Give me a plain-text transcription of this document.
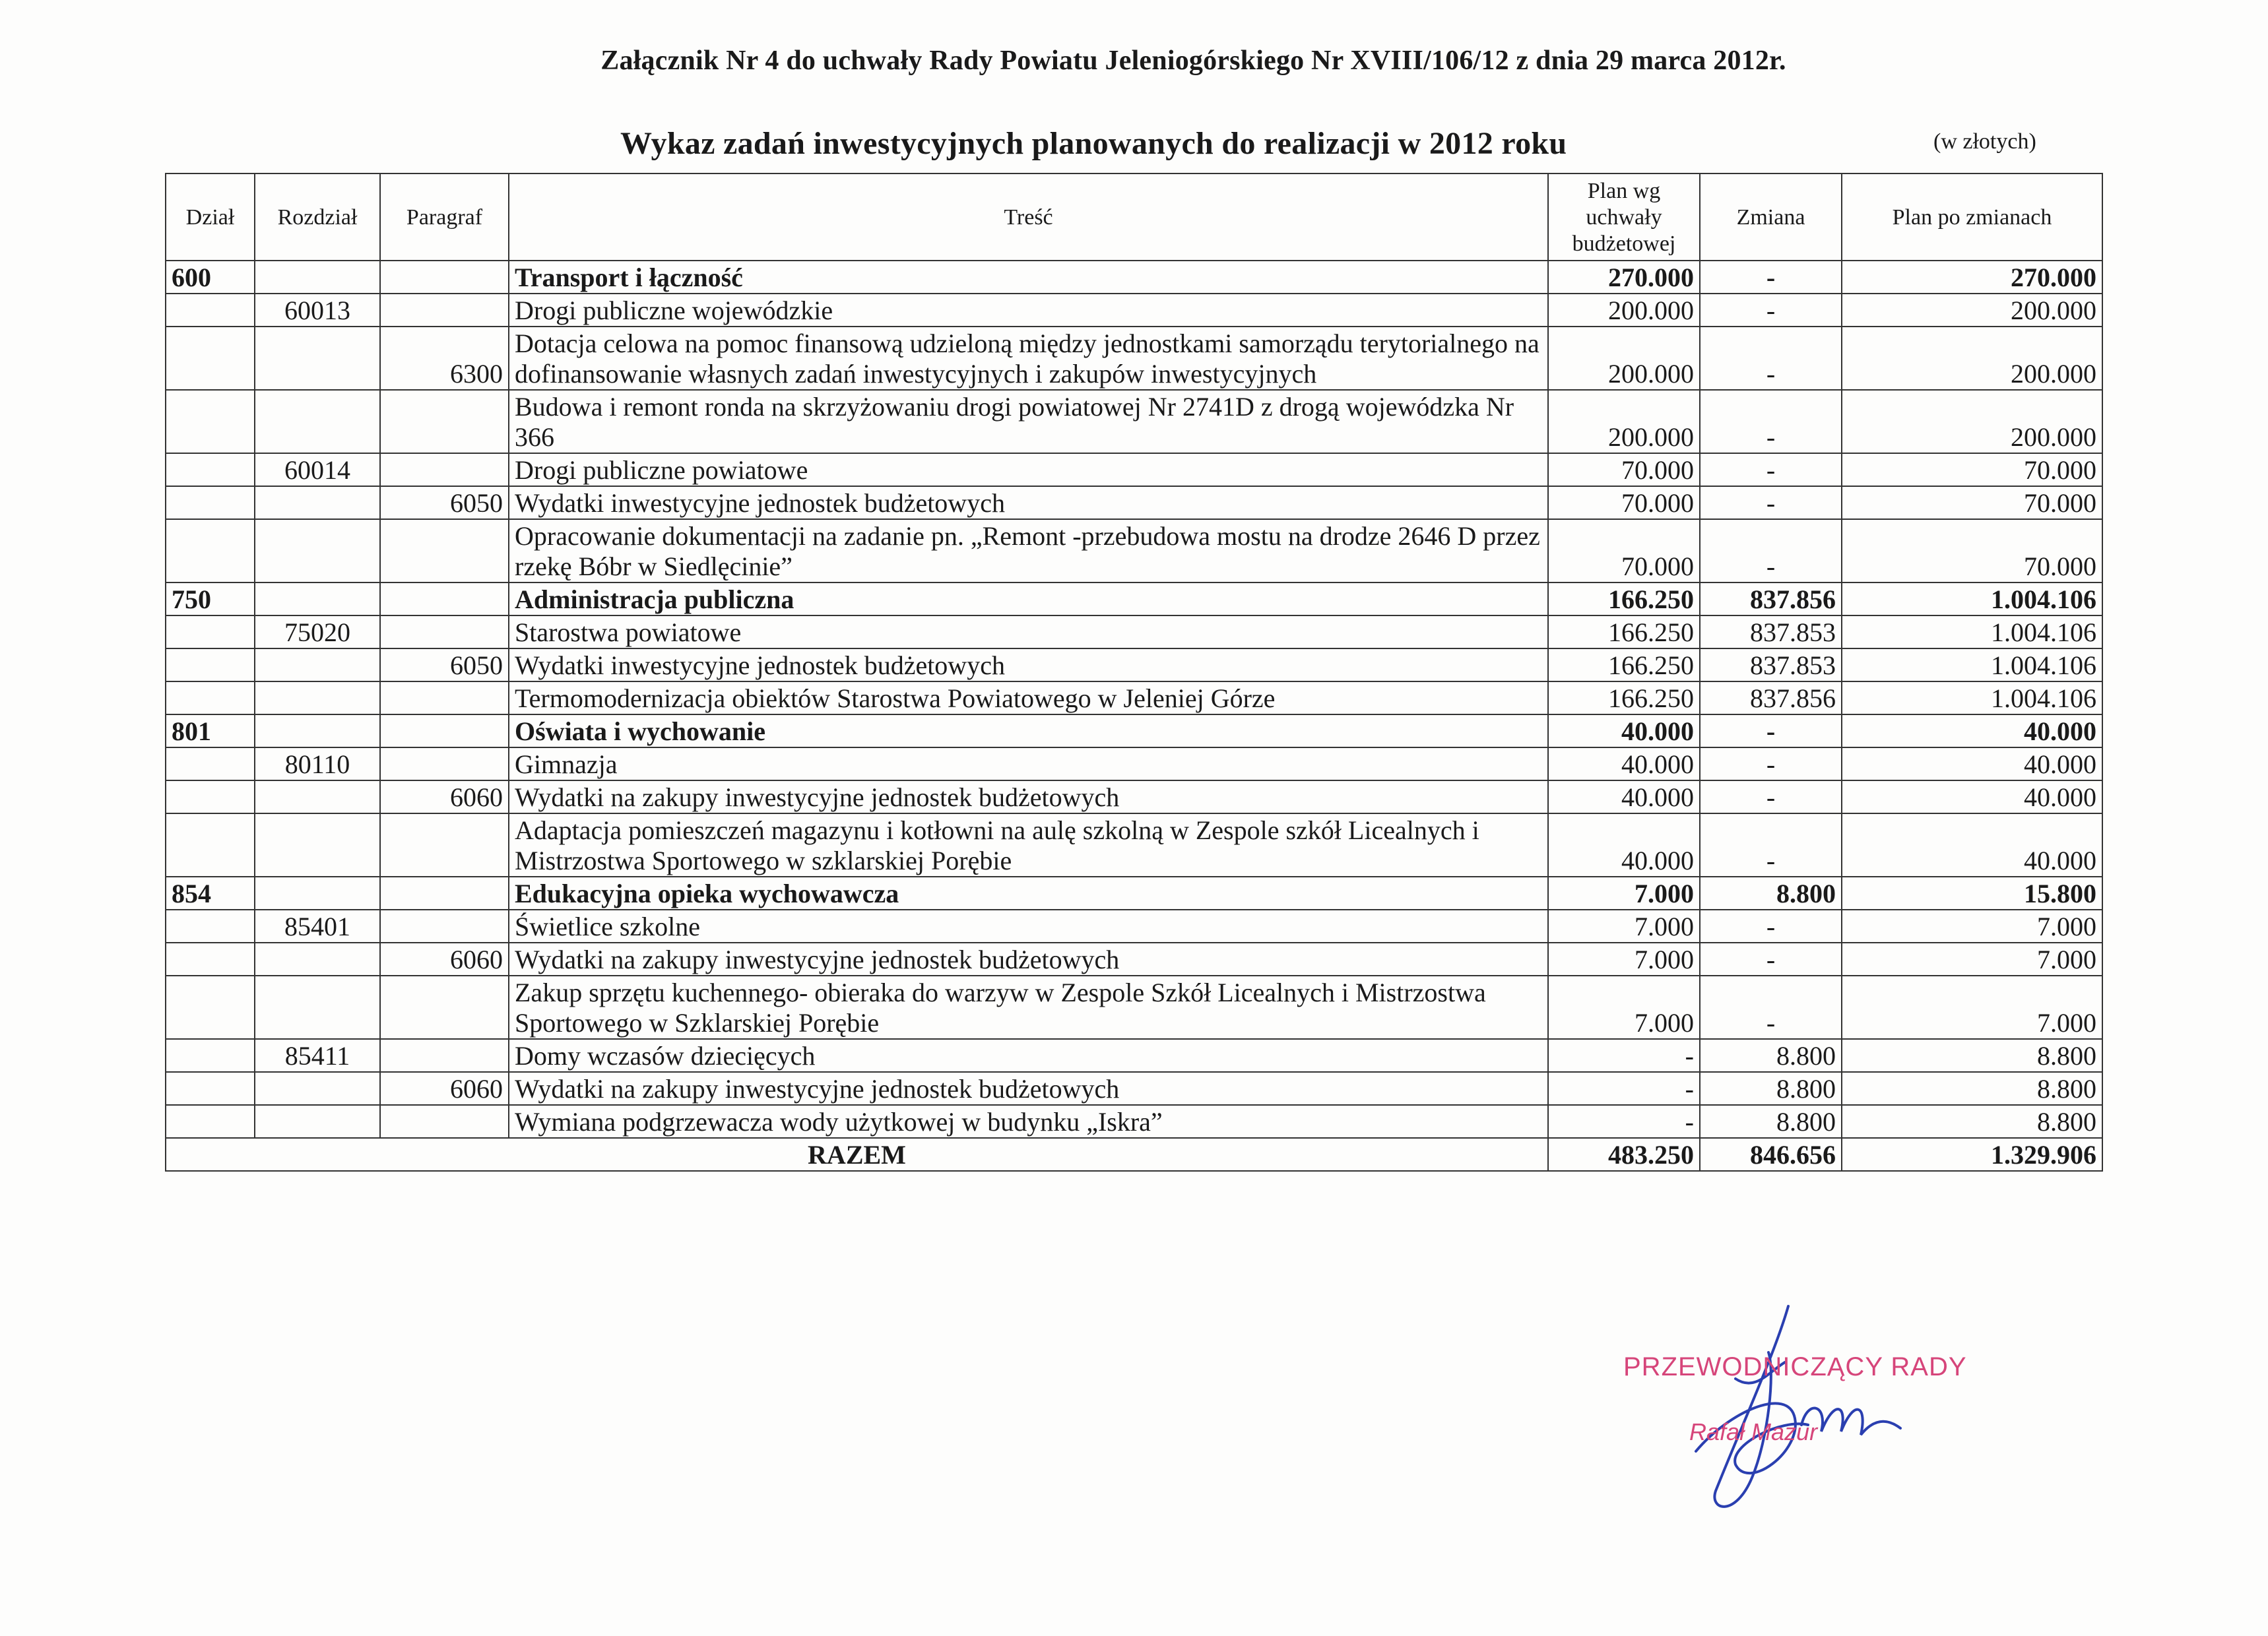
Załącznik Nr 4 do uchwały Rady Powiatu Jeleniogórskiego Nr XVIII/106/12 z dnia 29 marca 2012r.
Wykaz zadań inwestycyjnych planowanych do realizacji w 2012 roku	(w złotych)
Dział	Rozdział	Paragraf	Treść	Plan wg uchwały budżetowej	Zmiana	Plan po zmianach
600			Transport i łączność	270.000	-	270.000
	60013		Drogi publiczne wojewódzkie	200.000	-	200.000
		6300	Dotacja celowa na pomoc finansową udzieloną między jednostkami samorządu terytorialnego na dofinansowanie własnych zadań inwestycyjnych i zakupów inwestycyjnych	200.000	-	200.000
			Budowa i remont ronda na skrzyżowaniu drogi powiatowej Nr 2741D z drogą wojewódzka Nr 366	200.000	-	200.000
	60014		Drogi publiczne powiatowe	70.000	-	70.000
		6050	Wydatki inwestycyjne jednostek budżetowych	70.000	-	70.000
			Opracowanie dokumentacji na zadanie pn. „Remont -przebudowa mostu na drodze 2646 D przez rzekę Bóbr w Siedlęcinie”	70.000	-	70.000
750			Administracja publiczna	166.250	837.856	1.004.106
	75020		Starostwa powiatowe	166.250	837.853	1.004.106
		6050	Wydatki inwestycyjne jednostek budżetowych	166.250	837.853	1.004.106
			Termomodernizacja obiektów Starostwa Powiatowego w Jeleniej Górze	166.250	837.856	1.004.106
801			Oświata i wychowanie	40.000	-	40.000
	80110		Gimnazja	40.000	-	40.000
		6060	Wydatki na zakupy inwestycyjne jednostek budżetowych	40.000	-	40.000
			Adaptacja pomieszczeń magazynu i kotłowni na aulę szkolną w Zespole szkół Licealnych i Mistrzostwa Sportowego w szklarskiej Porębie	40.000	-	40.000
854			Edukacyjna opieka wychowawcza	7.000	8.800	15.800
	85401		Świetlice szkolne	7.000	-	7.000
		6060	Wydatki na zakupy inwestycyjne jednostek budżetowych	7.000	-	7.000
			Zakup sprzętu kuchennego- obieraka do warzyw w Zespole Szkół Licealnych i Mistrzostwa Sportowego w Szklarskiej Porębie	7.000	-	7.000
	85411		Domy wczasów dziecięcych	-	8.800	8.800
		6060	Wydatki na zakupy inwestycyjne jednostek budżetowych	-	8.800	8.800
			Wymiana podgrzewacza wody użytkowej w budynku „Iskra”	-	8.800	8.800
RAZEM				483.250	846.656	1.329.906
PRZEWODNICZĄCY RADY
Rafał Mazur
